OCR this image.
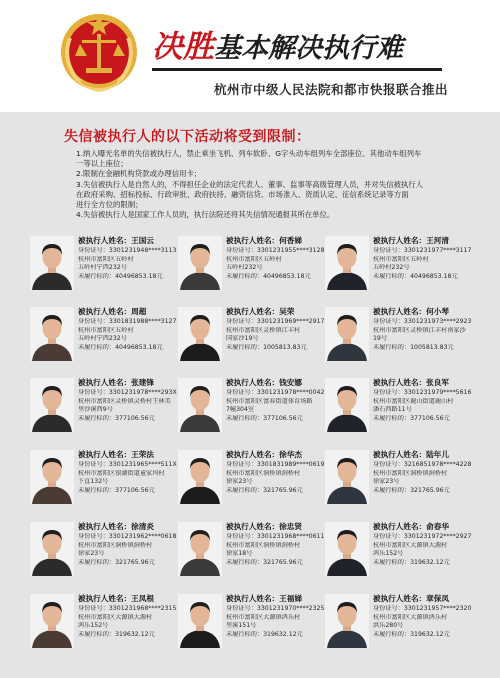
决胜基本解决执行难
杭州市中级人民法院和都市快报联合推出
失信被执行人的以下活动将受到限制：
1.纳入曝光名单的失信被执行人，禁止乘坐飞机、列车软卧、G字头动车组列车全部座位、其他动车组列车
一等以上座位；
2.限制在金融机构贷款或办理信用卡；
3.失信被执行人是自然人的，不得担任企业的法定代表人、董事、监事等高级管理人员，并对失信被执行人
在政府采购、招标投标、行政审批、政府扶持、融资信贷、市场准入、资质认定、征信系统记录等方面
进行全方位的限制；
4.失信被执行人是国家工作人员的，执行法院还将其失信情况通报其所在单位。
被执行人姓名：王国云
身份证号：3301231948****3113
杭州市富阳区五岭村
五岭村宁西232号
未履行标的：40496853.18元
被执行人姓名：何香娣
身份证号：3301231955****3128
杭州市富阳区五岭村
五岭村232号
未履行标的：40496853.18元
被执行人姓名：王河清
身份证号：3301231977****3117
杭州市富阳区五岭村
五岭村232号
未履行标的：40496853.18元
被执行人姓名：周超
身份证号：3301831988****3127
杭州市富阳区五岭村
五岭村宁西232号
未履行标的：40496853.18元
被执行人姓名：吴荣
身份证号：3301231969****2917
杭州市富阳区灵桥镇江丰村
国家沙19号
未履行标的：1005813.83元
被执行人姓名：何小琴
身份证号：3301231973****2923
杭州市富阳区灵桥镇江丰村南家沙
19号
未履行标的：1005813.83元
被执行人姓名：张建锋
身份证号：3301231978****293X
杭州市富阳区灵桥镇灵桥村王林美
里沙溪西9号
未履行标的：377106.56元
被执行人姓名：钱安娜
身份证号：3301231978****0042
杭州市富阳区富春街道体育场路
7幢304室
未履行标的：377106.56元
被执行人姓名：张良军
身份证号：3301231979****5616
杭州市富阳区鹿山街道鹿山村
潘石西路11号
未履行标的：377106.56元
被执行人姓名：王荣法
身份证号：3301231965****511X
杭州市富阳区银湖街道童家坞村
下直132号
未履行标的：377106.56元
被执行人姓名：徐华杰
身份证号：3301831989****0619
杭州市富阳区洞桥镇洞桥村
徐家23号
未履行标的：321765.96元
被执行人姓名：陆年儿
身份证号：3216851978****4228
杭州市富阳区洞桥镇洞桥村
徐家23号
未履行标的：321765.96元
被执行人姓名：徐清炎
身份证号：3301231962****0618
杭州市富阳区洞桥镇洞桥村
徐家23号
未履行标的：321765.96元
被执行人姓名：徐忠贤
身份证号：3301231968****0611
杭州市富阳区洞桥镇洞桥村
徐家18号
未履行标的：321765.96元
被执行人姓名：俞春华
身份证号：3301231972****2927
杭州市富阳区大源镇大源村
鸿乐152号
未履行标的：319632.12元
被执行人姓名：王凤根
身份证号：3301231968****2315
杭州市富阳区大源镇大源村
鸿乐152号
未履行标的：319632.12元
被执行人姓名：王福娣
身份证号：3301231970****2325
杭州市富阳区大源镇鸿乐村
里溪151号
未履行标的：319632.12元
被执行人姓名：章保凤
身份证号：3301231957****2320
杭州市富阳区大源镇鸿乐村
洪乐280号
未履行标的：319632.12元
